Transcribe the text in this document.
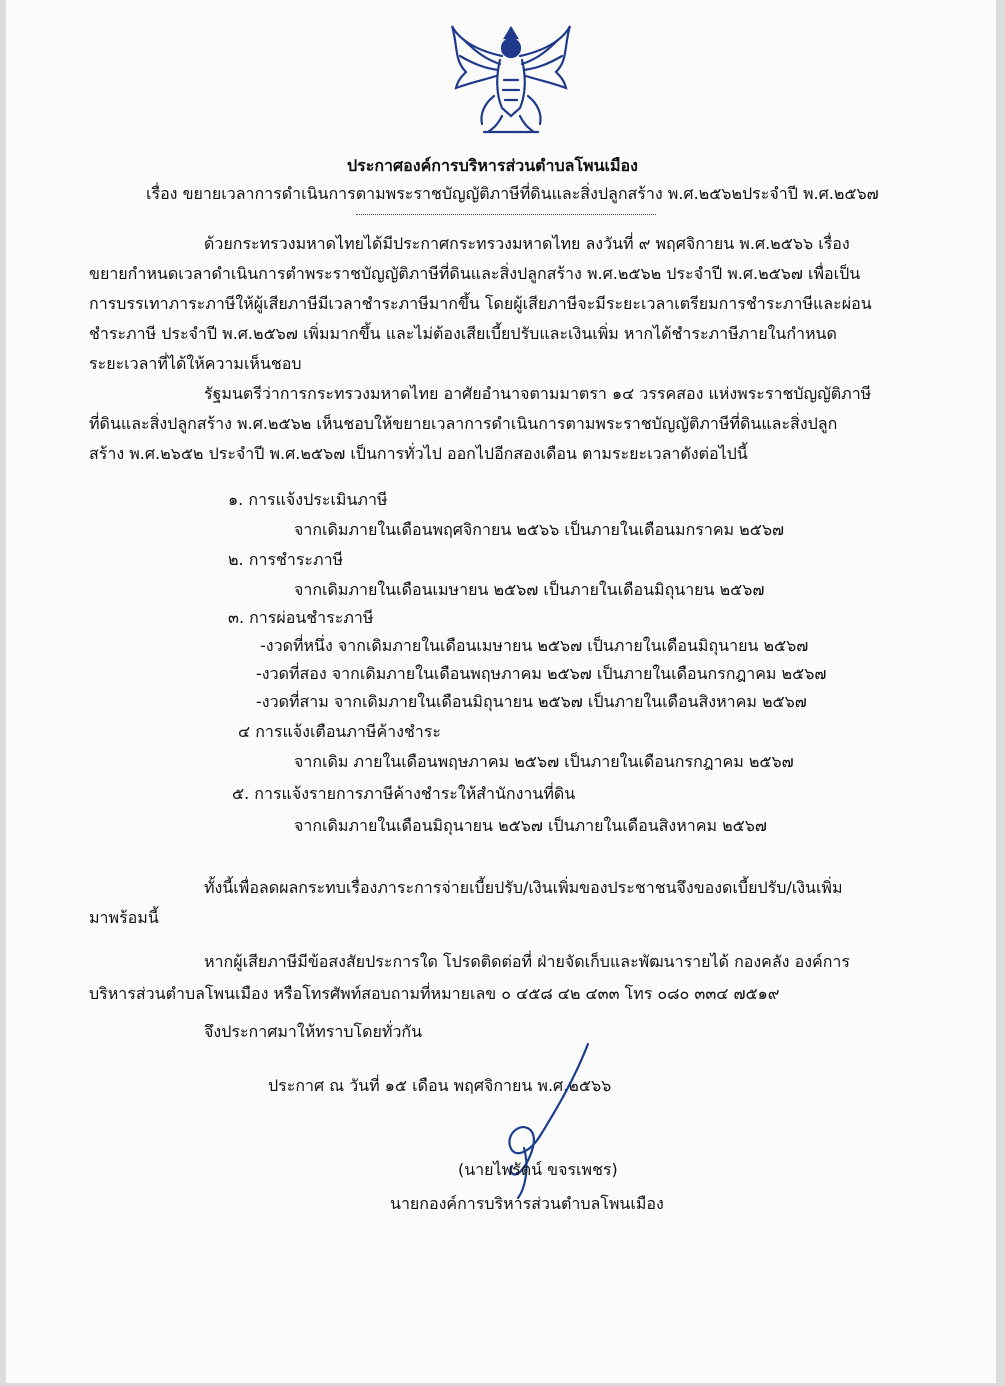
ประกาศองค์การบริหารส่วนตำบลโพนเมือง
เรื่อง ขยายเวลาการดำเนินการตามพระราชบัญญัติภาษีที่ดินและสิ่งปลูกสร้าง พ.ศ.๒๕๖๒ประจำปี พ.ศ.๒๕๖๗
ด้วยกระทรวงมหาดไทยได้มีประกาศกระทรวงมหาดไทย ลงวันที่ ๙ พฤศจิกายน พ.ศ.๒๕๖๖ เรื่อง
ขยายกำหนดเวลาดำเนินการตำพระราชบัญญัติภาษีที่ดินและสิ่งปลูกสร้าง พ.ศ.๒๕๖๒ ประจำปี พ.ศ.๒๕๖๗ เพื่อเป็น
การบรรเทาภาระภาษีให้ผู้เสียภาษีมีเวลาชำระภาษีมากขึ้น โดยผู้เสียภาษีจะมีระยะเวลาเตรียมการชำระภาษีและผ่อน
ชำระภาษี ประจำปี พ.ศ.๒๕๖๗ เพิ่มมากขึ้น และไม่ต้องเสียเบี้ยปรับและเงินเพิ่ม หากได้ชำระภาษีภายในกำหนด
ระยะเวลาที่ได้ให้ความเห็นชอบ
รัฐมนตรีว่าการกระทรวงมหาดไทย อาศัยอำนาจตามมาตรา ๑๔ วรรคสอง แห่งพระราชบัญญัติภาษี
ที่ดินและสิ่งปลูกสร้าง พ.ศ.๒๕๖๒ เห็นชอบให้ขยายเวลาการดำเนินการตามพระราชบัญญัติภาษีที่ดินและสิ่งปลูก
สร้าง พ.ศ.๒๖๕๒ ประจำปี พ.ศ.๒๕๖๗ เป็นการทั่วไป ออกไปอีกสองเดือน ตามระยะเวลาดังต่อไปนี้
๑. การแจ้งประเมินภาษี
จากเดิมภายในเดือนพฤศจิกายน ๒๕๖๖ เป็นภายในเดือนมกราคม ๒๕๖๗
๒. การชำระภาษี
จากเดิมภายในเดือนเมษายน ๒๕๖๗ เป็นภายในเดือนมิถุนายน ๒๕๖๗
๓. การผ่อนชำระภาษี
-งวดที่หนึ่ง จากเดิมภายในเดือนเมษายน ๒๕๖๗ เป็นภายในเดือนมิถุนายน ๒๕๖๗
-งวดที่สอง จากเดิมภายในเดือนพฤษภาคม ๒๕๖๗ เป็นภายในเดือนกรกฎาคม ๒๕๖๗
-งวดที่สาม จากเดิมภายในเดือนมิถุนายน ๒๕๖๗ เป็นภายในเดือนสิงหาคม ๒๕๖๗
๔ การแจ้งเตือนภาษีค้างชำระ
จากเดิม ภายในเดือนพฤษภาคม ๒๕๖๗ เป็นภายในเดือนกรกฎาคม ๒๕๖๗
๕. การแจ้งรายการภาษีค้างชำระให้สำนักงานที่ดิน
จากเดิมภายในเดือนมิถุนายน ๒๕๖๗ เป็นภายในเดือนสิงหาคม ๒๕๖๗
ทั้งนี้เพื่อลดผลกระทบเรื่องภาระการจ่ายเบี้ยปรับ/เงินเพิ่มของประชาชนจึงของดเบี้ยปรับ/เงินเพิ่ม
มาพร้อมนี้
หากผู้เสียภาษีมีข้อสงสัยประการใด โปรดติดต่อที่ ฝ่ายจัดเก็บและพัฒนารายได้ กองคลัง องค์การ
บริหารส่วนตำบลโพนเมือง หรือโทรศัพท์สอบถามที่หมายเลข ๐ ๔๕๘ ๔๒ ๔๓๓ โทร ๐๘๐ ๓๓๔ ๗๕๑๙
จึงประกาศมาให้ทราบโดยทั่วกัน
ประกาศ ณ วันที่ ๑๕ เดือน พฤศจิกายน พ.ศ.๒๕๖๖
(นายไพรัตน์ ขจรเพชร)
นายกองค์การบริหารส่วนตำบลโพนเมือง
